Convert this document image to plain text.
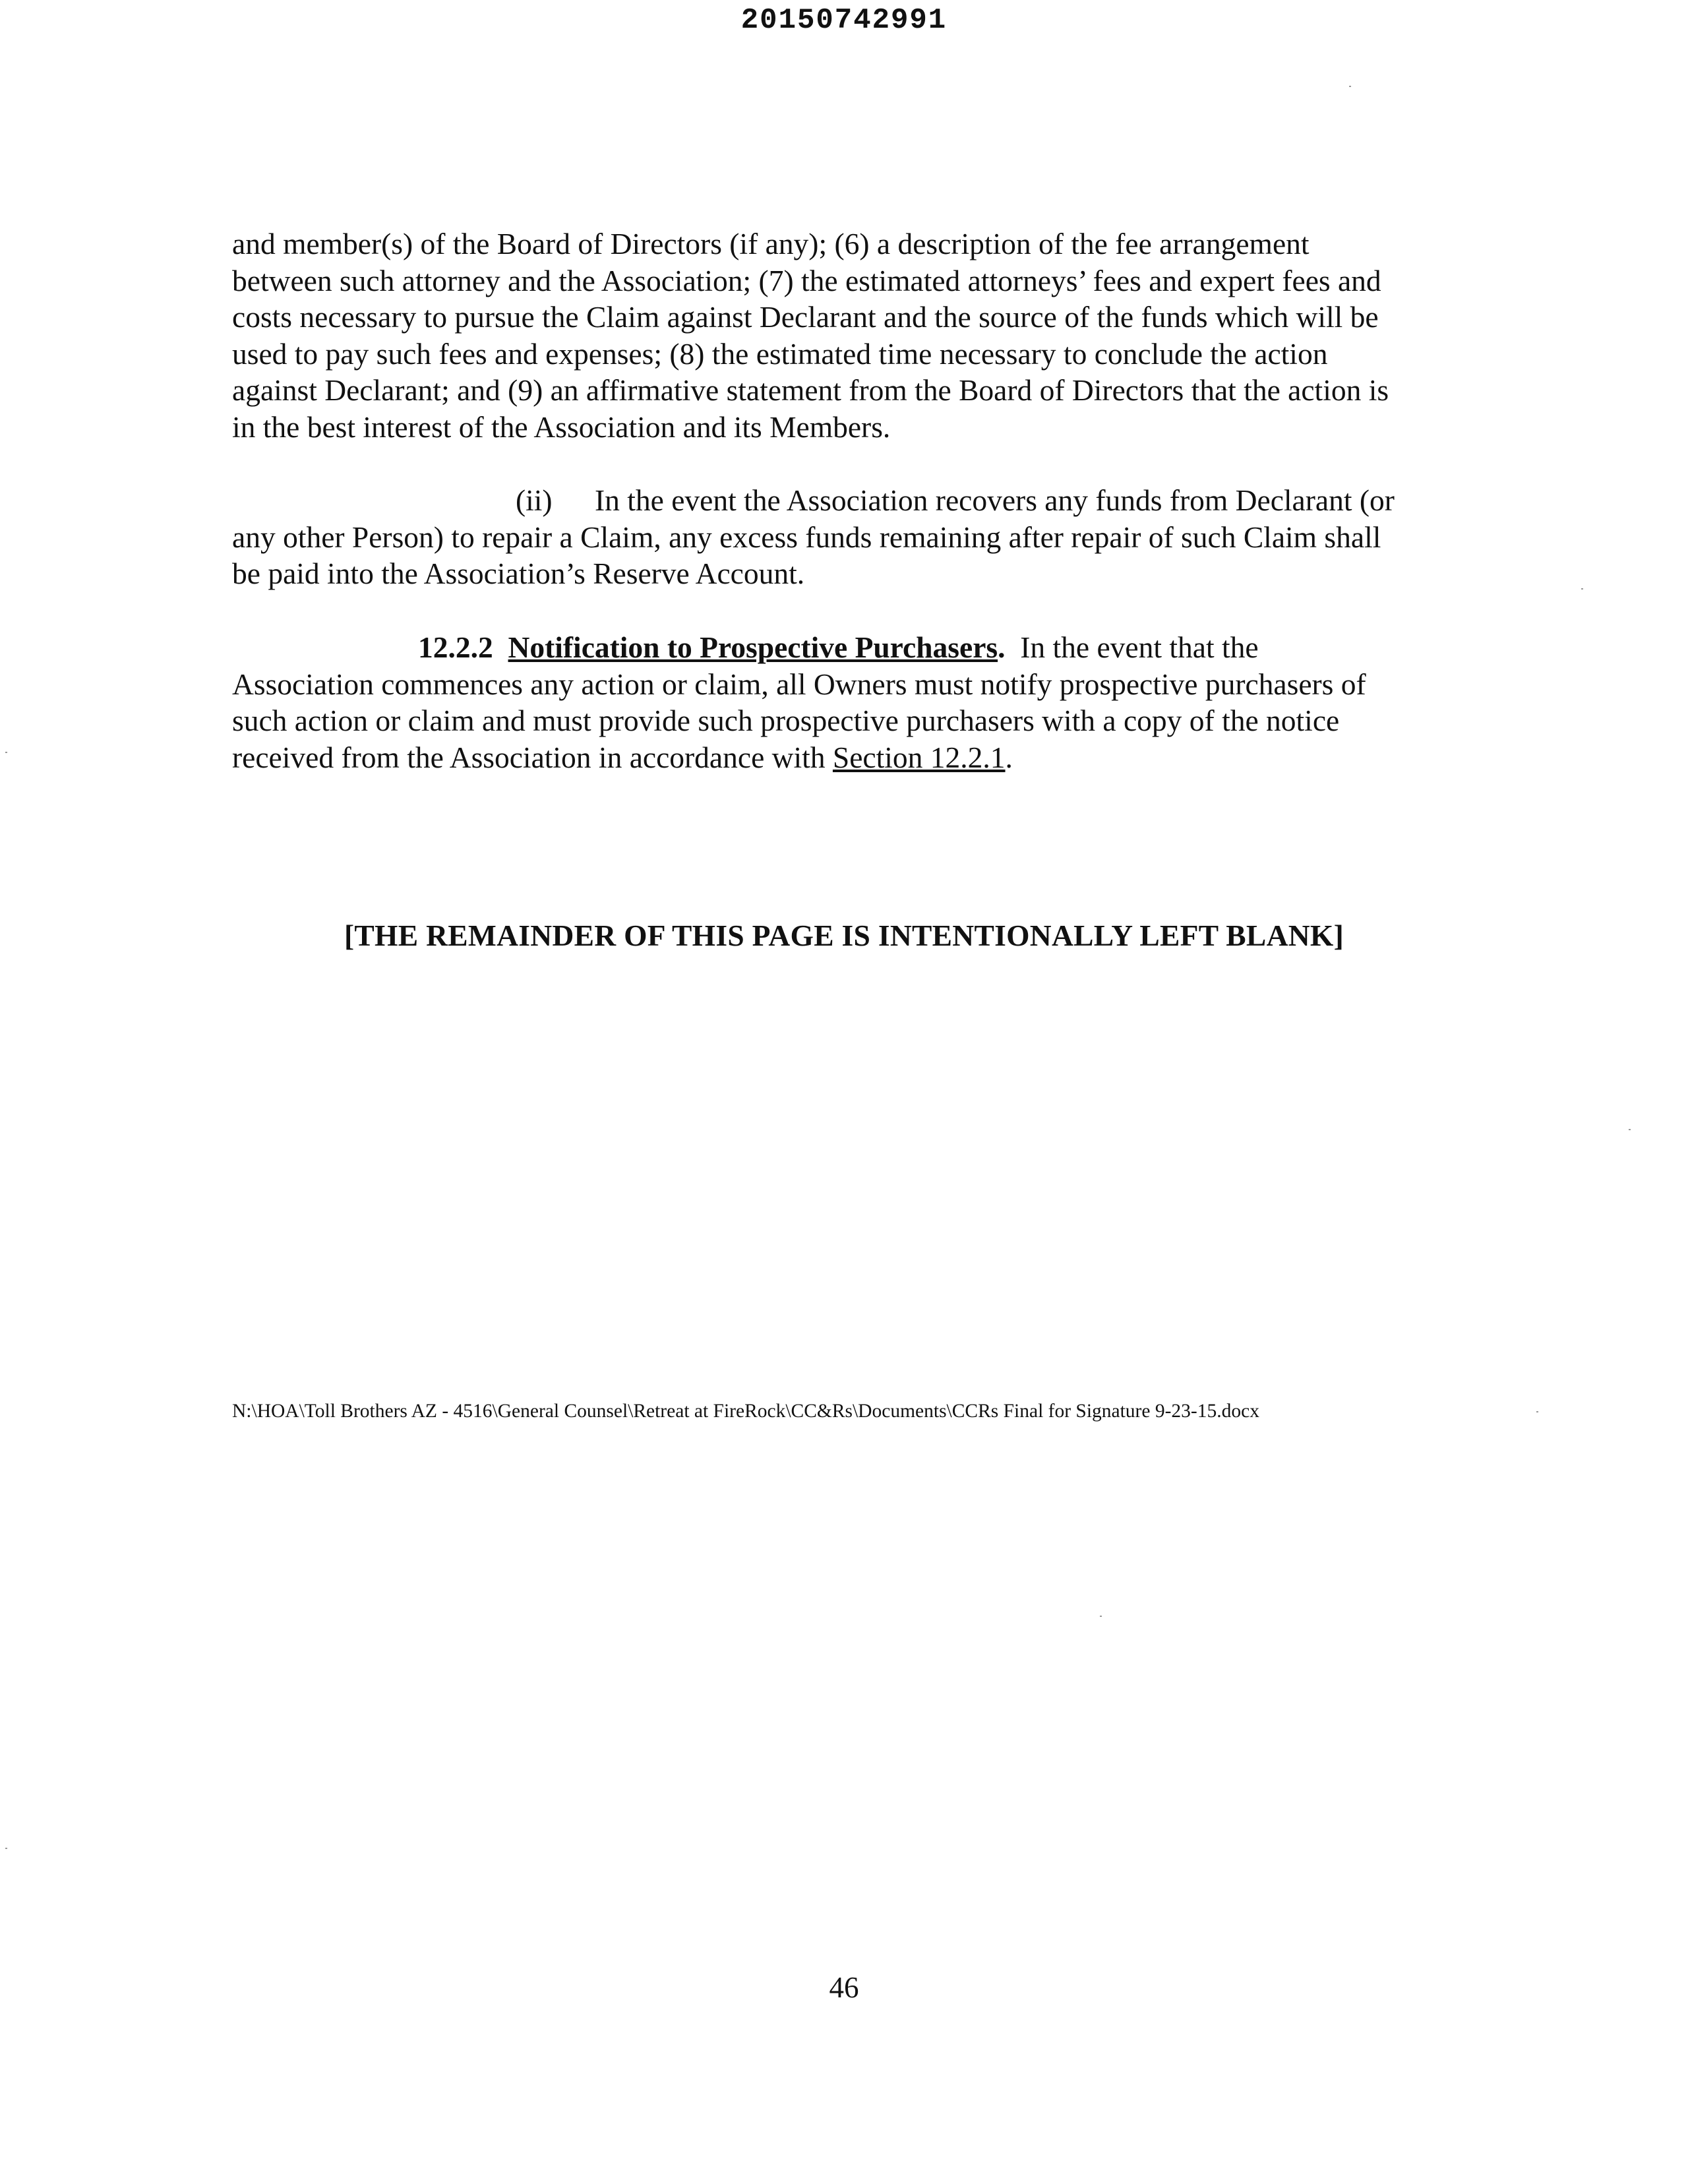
20150742991

and member(s) of the Board of Directors (if any); (6) a description of the fee arrangement
between such attorney and the Association; (7) the estimated attorneys’ fees and expert fees and
costs necessary to pursue the Claim against Declarant and the source of the funds which will be
used to pay such fees and expenses; (8) the estimated time necessary to conclude the action
against Declarant; and (9) an affirmative statement from the Board of Directors that the action is
in the best interest of the Association and its Members.

(ii) In the event the Association recovers any funds from Declarant (or
any other Person) to repair a Claim, any excess funds remaining after repair of such Claim shall
be paid into the Association’s Reserve Account.

12.2.2 Notification to Prospective Purchasers. In the event that the
Association commences any action or claim, all Owners must notify prospective purchasers of
such action or claim and must provide such prospective purchasers with a copy of the notice
received from the Association in accordance with Section 12.2.1.

[THE REMAINDER OF THIS PAGE IS INTENTIONALLY LEFT BLANK]
N:\HOA\Toll Brothers AZ - 4516\General Counsel\Retreat at FireRock\CC&Rs\Documents\CCRs Final for Signature 9-23-15.docx
46
